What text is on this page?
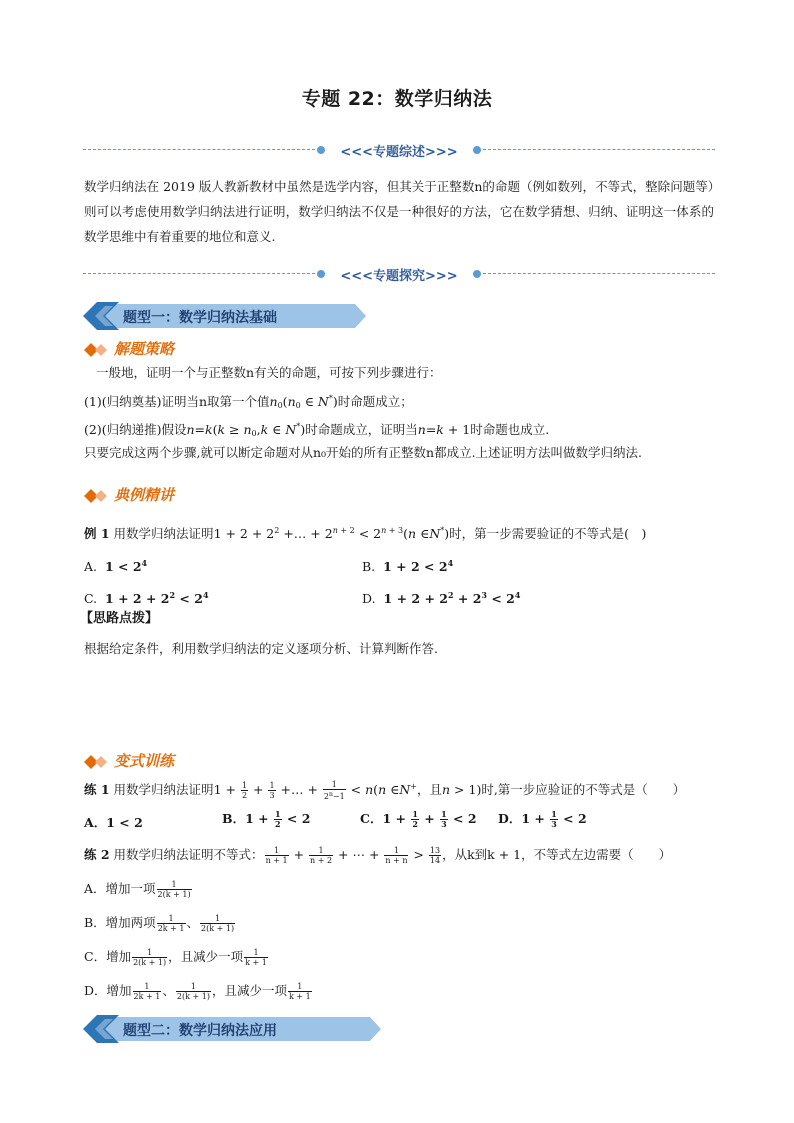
专题 22：数学归纳法
<<<专题综述>>>
数学归纳法在 2019 版人教新教材中虽然是选学内容，但其关于正整数n的命题（例如数列，不等式，整除问题等）则可以考虑使用数学归纳法进行证明，数学归纳法不仅是一种很好的方法，它在数学猜想、归纳、证明这一体系的数学思维中有着重要的地位和意义.
<<<专题探究>>>
题型一：数学归纳法基础
解题策略
一般地，证明一个与正整数n有关的命题，可按下列步骤进行：
(1)(归纳奠基)证明当n取第一个值$n_0(n_0$ ∈ N*)时命题成立；
(2)(归纳递推)假设$n=k(k \ge n_0,k$ ∈ N*)时命题成立，证明当n=k + 1时命题也成立.
只要完成这两个步骤,就可以断定命题对从n₀开始的所有正整数n都成立.上述证明方法叫做数学归纳法.
典例精讲
例 1 用数学归纳法证明$1 + 2 + 2^2$ +… + $2^{n + 2} < 2^{n + 3}(n$ ∈N*)时，第一步需要验证的不等式是(　)
A. $1 < 2^4$	B. $1 + 2 < 2^4$
C. $1 + 2 + 2^2 < 2^4$	D. $1 + 2 + 2^2 + 2^3 < 2^4$
【思路点拨】
根据给定条件，利用数学归纳法的定义逐项分析、计算判断作答.
变式训练
练 1 用数学归纳法证明$1 + \frac{1}{2} + \frac{1}{3}$ +… + $\frac{1}{2^n-1} < n(n$ ∈N+，且n > 1)时,第一步应验证的不等式是（　　）
A．1 < 2	B．$1 + \frac{1}{2} < 2$	C．$1 + \frac{1}{2} + \frac{1}{3} < 2$ D．$1 + \frac{1}{3} < 2$
练 2 用数学归纳法证明不等式： $\frac{1}{n + 1} + \frac{1}{n + 2}$ + ⋯ + $\frac{1}{n + n} > \frac{13}{14}$ ，从k到k + 1，不等式左边需要（　　）
A．增加一项 $\frac{1}{2(k + 1)}$
B．增加两项 $\frac{1}{2k + 1}$ 、 $\frac{1}{2(k + 1)}$
C．增加 $\frac{1}{2(k + 1)}$ ，且减少一项 $\frac{1}{k + 1}$
D．增加 $\frac{1}{2k + 1}$ 、 $\frac{1}{2(k + 1)}$ ，且减少一项 $\frac{1}{k + 1}$
题型二：数学归纳法应用
